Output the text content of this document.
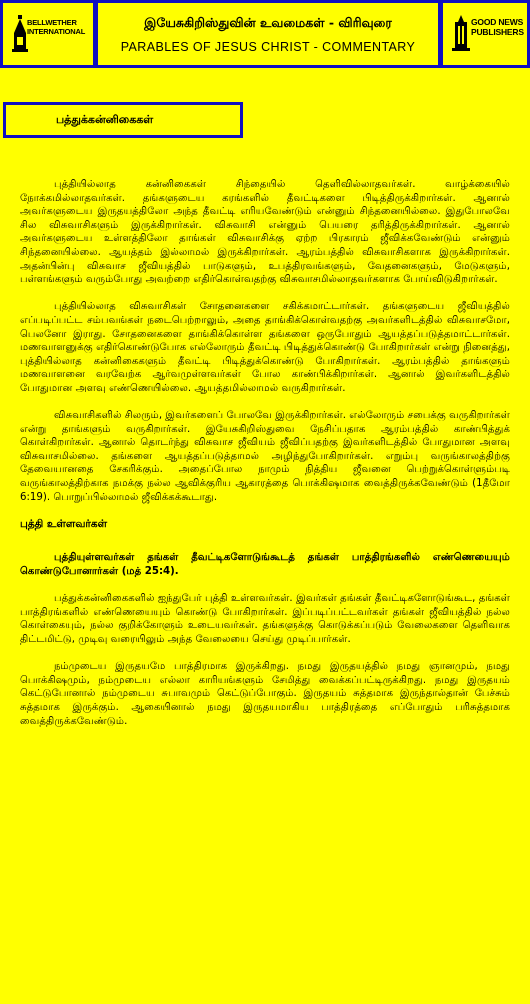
BELLWETHER
INTERNATIONAL
இயேசுகிறிஸ்துவின் உவமைகள் - விரிவுரை
PARABLES OF JESUS CHRIST - COMMENTARY
GOOD NEWS
PUBLISHERS
பத்துக்கன்னிகைகள்

புத்தியில்லாத கன்னிகைகள் சிந்தையில் தெளிவில்லாதவர்கள். வாழ்க்கையில் நோக்கமில்லாதவர்கள். தங்களுடைய கரங்களில் தீவட்டிகளை பிடித்திருக்கிறார்கள். ஆனால் அவர்களுடைய இருதயத்திலோ அந்த தீவட்டி எரியவேண்டும் என்னும் சிந்தனையில்லை. இதுபோலவே சில விசுவாசிகளும் இருக்கிறார்கள். விசுவாசி என்னும் பெயரை தரித்திருக்கிறார்கள். ஆனால் அவர்களுடைய உள்ளத்திலோ தாங்கள் விசுவாசிக்கு ஏற்ற பிரகாரம் ஜீவிக்கவேண்டும் என்னும் சிந்தனையில்லை. ஆயத்தம் இல்லாமல் இருக்கிறார்கள். ஆரம்பத்தில் விசுவாசிகளாக இருக்கிறார்கள். அதன்பின்பு விசுவாச ஜீவியத்தில் பாடுகளும், உபத்திரவங்களும், வேதனைகளும், மேடுகளும், பள்ளங்களும் வரும்போது அவற்றை எதிர்கொள்வதற்கு விசுவாசமில்லாதவர்களாக போய்விடுகிறார்கள்.

புத்தியில்லாத விசுவாசிகள் சோதனைகளை சகிக்கமாட்டார்கள். தங்களுடைய ஜீவியத்தில் எப்படிப்பட்ட சம்பவங்கள் நடைபெற்றாலும், அதை தாங்கிக்கொள்வதற்கு அவர்களிடத்தில் விசுவாசமோ, பெலனோ இராது. சோதனைகளை தாங்கிக்கொள்ள தங்களை ஒருபோதும் ஆயத்தப்படுத்தமாட்டார்கள். மணவாளனுக்கு எதிர்கொண்டுபோக எல்லோரும் தீவட்டி பிடித்துக்கொண்டு போகிறார்கள் என்று நினைத்து, புத்தியில்லாத கன்னிகைகளும் தீவட்டி பிடித்துக்கொண்டு போகிறார்கள். ஆரம்பத்தில் தாங்களும் மணவாளனை வரவேற்க ஆர்வமுள்ளவர்கள் போல காண்பிக்கிறார்கள். ஆனால் இவர்களிடத்தில் போதுமான அளவு எண்ணெயில்லை. ஆயத்தமில்லாமல் வருகிறார்கள்.

விசுவாசிகளில் சிலரும், இவர்களைப் போலவே இருக்கிறார்கள். எல்லோரும் சபைக்கு வருகிறார்கள் என்று தாங்களும் வருகிறார்கள். இயேசுகிறிஸ்துவை நேசிப்பதாக ஆரம்பத்தில் காண்பித்துக் கொள்கிறார்கள். ஆனால் தொடர்ந்து விசுவாச ஜீவியம் ஜீவிப்பதற்கு இவர்களிடத்தில் போதுமான அளவு விசுவாசமில்லை. தங்களை ஆயத்தப்படுத்தாமல் அழிந்துபோகிறார்கள். எறும்பு வருங்காலத்திற்கு தேவையானதை சேகரிக்கும். அதைப்போல நாமும் நித்திய ஜீவனை பெற்றுக்கொள்ளும்படி வருங்காலத்திற்காக நமக்கு நல்ல ஆவிக்குரிய ஆகாரத்தை பொக்கிஷமாக வைத்திருக்கவேண்டும் (1தீமோ 6:19). பொறுப்பில்லாமல் ஜீவிக்கக்கூடாது.

புத்தி உள்ளவர்கள்

புத்தியுள்ளவர்கள் தங்கள் தீவட்டிகளோடுங்கூடத் தங்கள் பாத்திரங்களில் எண்ணெயையும் கொண்டுபோனார்கள் (மத் 25:4).

பத்துக்கன்னிகைகளில் ஐந்துபேர் புத்தி உள்ளவர்கள். இவர்கள் தங்கள் தீவட்டிகளோடுங்கூட, தங்கள் பாத்திரங்களில் எண்ணெயையும் கொண்டு போகிறார்கள். இப்படிப்பட்டவர்கள் தங்கள் ஜீவியத்தில் நல்ல கொள்கையும், நல்ல குறிக்கோளும் உடையவர்கள். தங்களுக்கு கொடுக்கப்படும் வேலைகளை தெளிவாக திட்டமிட்டு, முடிவு வரையிலும் அந்த வேலையை செய்து முடிப்பார்கள்.

நம்முடைய இருதயமே பாத்திரமாக இருக்கிறது. நமது இருதயத்தில் நமது ஞானமும், நமது பொக்கிஷமும், நம்முடைய எல்லா காரியங்களும் சேமித்து வைக்கப்பட்டிருக்கிறது. நமது இருதயம் கெட்டுபோனால் நம்முடைய சுபாவமும் கெட்டுப்போகும். இருதயம் சுத்தமாக இருந்தால்தான் பேச்சும் சுத்தமாக இருக்கும். ஆகையினால் நமது இருதயமாகிய பாத்திரத்தை எப்போதும் பரிசுத்தமாக வைத்திருக்கவேண்டும்.
